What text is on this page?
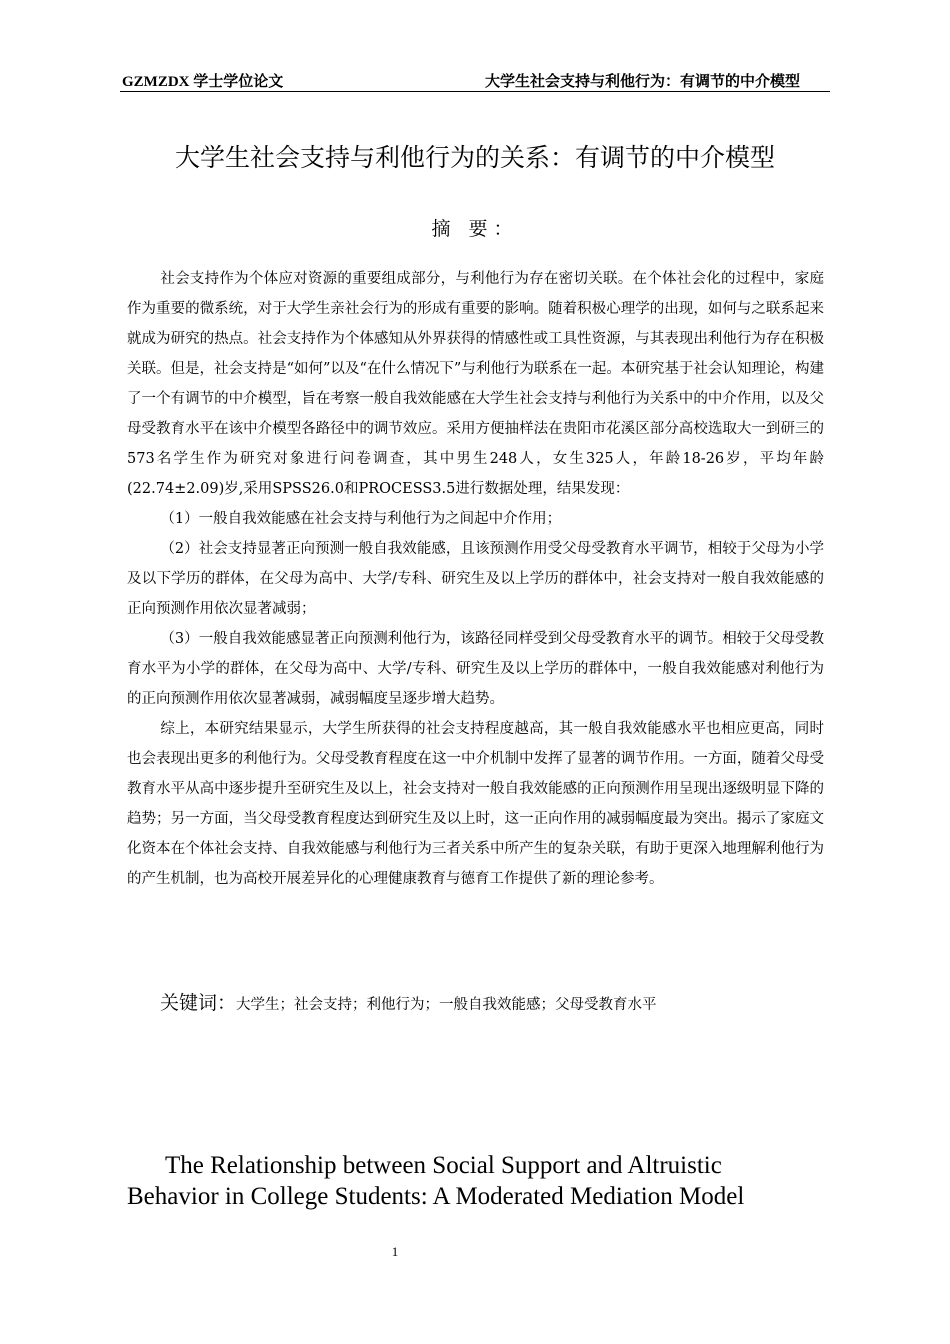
GZMZDX 学士学位论文	大学生社会支持与利他行为：有调节的中介模型
大学生社会支持与利他行为的关系：有调节的中介模型
摘 要：

社会支持作为个体应对资源的重要组成部分，与利他行为存在密切关联。在个体社会化的过程中，家庭作为重要的微系统，对于大学生亲社会行为的形成有重要的影响。随着积极心理学的出现，如何与之联系起来就成为研究的热点。社会支持作为个体感知从外界获得的情感性或工具性资源，与其表现出利他行为存在积极关联。但是，社会支持是“如何”以及“在什么情况下”与利他行为联系在一起。本研究基于社会认知理论，构建了一个有调节的中介模型，旨在考察一般自我效能感在大学生社会支持与利他行为关系中的中介作用，以及父母受教育水平在该中介模型各路径中的调节效应。采用方便抽样法在贵阳市花溪区部分高校选取大一到研三的573名学生作为研究对象进行问卷调查，其中男生248人，女生325人，年龄18-26岁，平均年龄(22.74±2.09)岁,采用SPSS26.0和PROCESS3.5进行数据处理，结果发现：

（1）一般自我效能感在社会支持与利他行为之间起中介作用；

（2）社会支持显著正向预测一般自我效能感，且该预测作用受父母受教育水平调节，相较于父母为小学及以下学历的群体，在父母为高中、大学/专科、研究生及以上学历的群体中，社会支持对一般自我效能感的正向预测作用依次显著减弱；

（3）一般自我效能感显著正向预测利他行为，该路径同样受到父母受教育水平的调节。相较于父母受教育水平为小学的群体，在父母为高中、大学/专科、研究生及以上学历的群体中，一般自我效能感对利他行为的正向预测作用依次显著减弱，减弱幅度呈逐步增大趋势。

综上，本研究结果显示，大学生所获得的社会支持程度越高，其一般自我效能感水平也相应更高，同时也会表现出更多的利他行为。父母受教育程度在这一中介机制中发挥了显著的调节作用。一方面，随着父母受教育水平从高中逐步提升至研究生及以上，社会支持对一般自我效能感的正向预测作用呈现出逐级明显下降的趋势；另一方面，当父母受教育程度达到研究生及以上时，这一正向作用的减弱幅度最为突出。揭示了家庭文化资本在个体社会支持、自我效能感与利他行为三者关系中所产生的复杂关联，有助于更深入地理解利他行为的产生机制，也为高校开展差异化的心理健康教育与德育工作提供了新的理论参考。

关键词：大学生；社会支持；利他行为；一般自我效能感；父母受教育水平
The Relationship between Social Support and Altruistic
Behavior in College Students: A Moderated Mediation Model
1
